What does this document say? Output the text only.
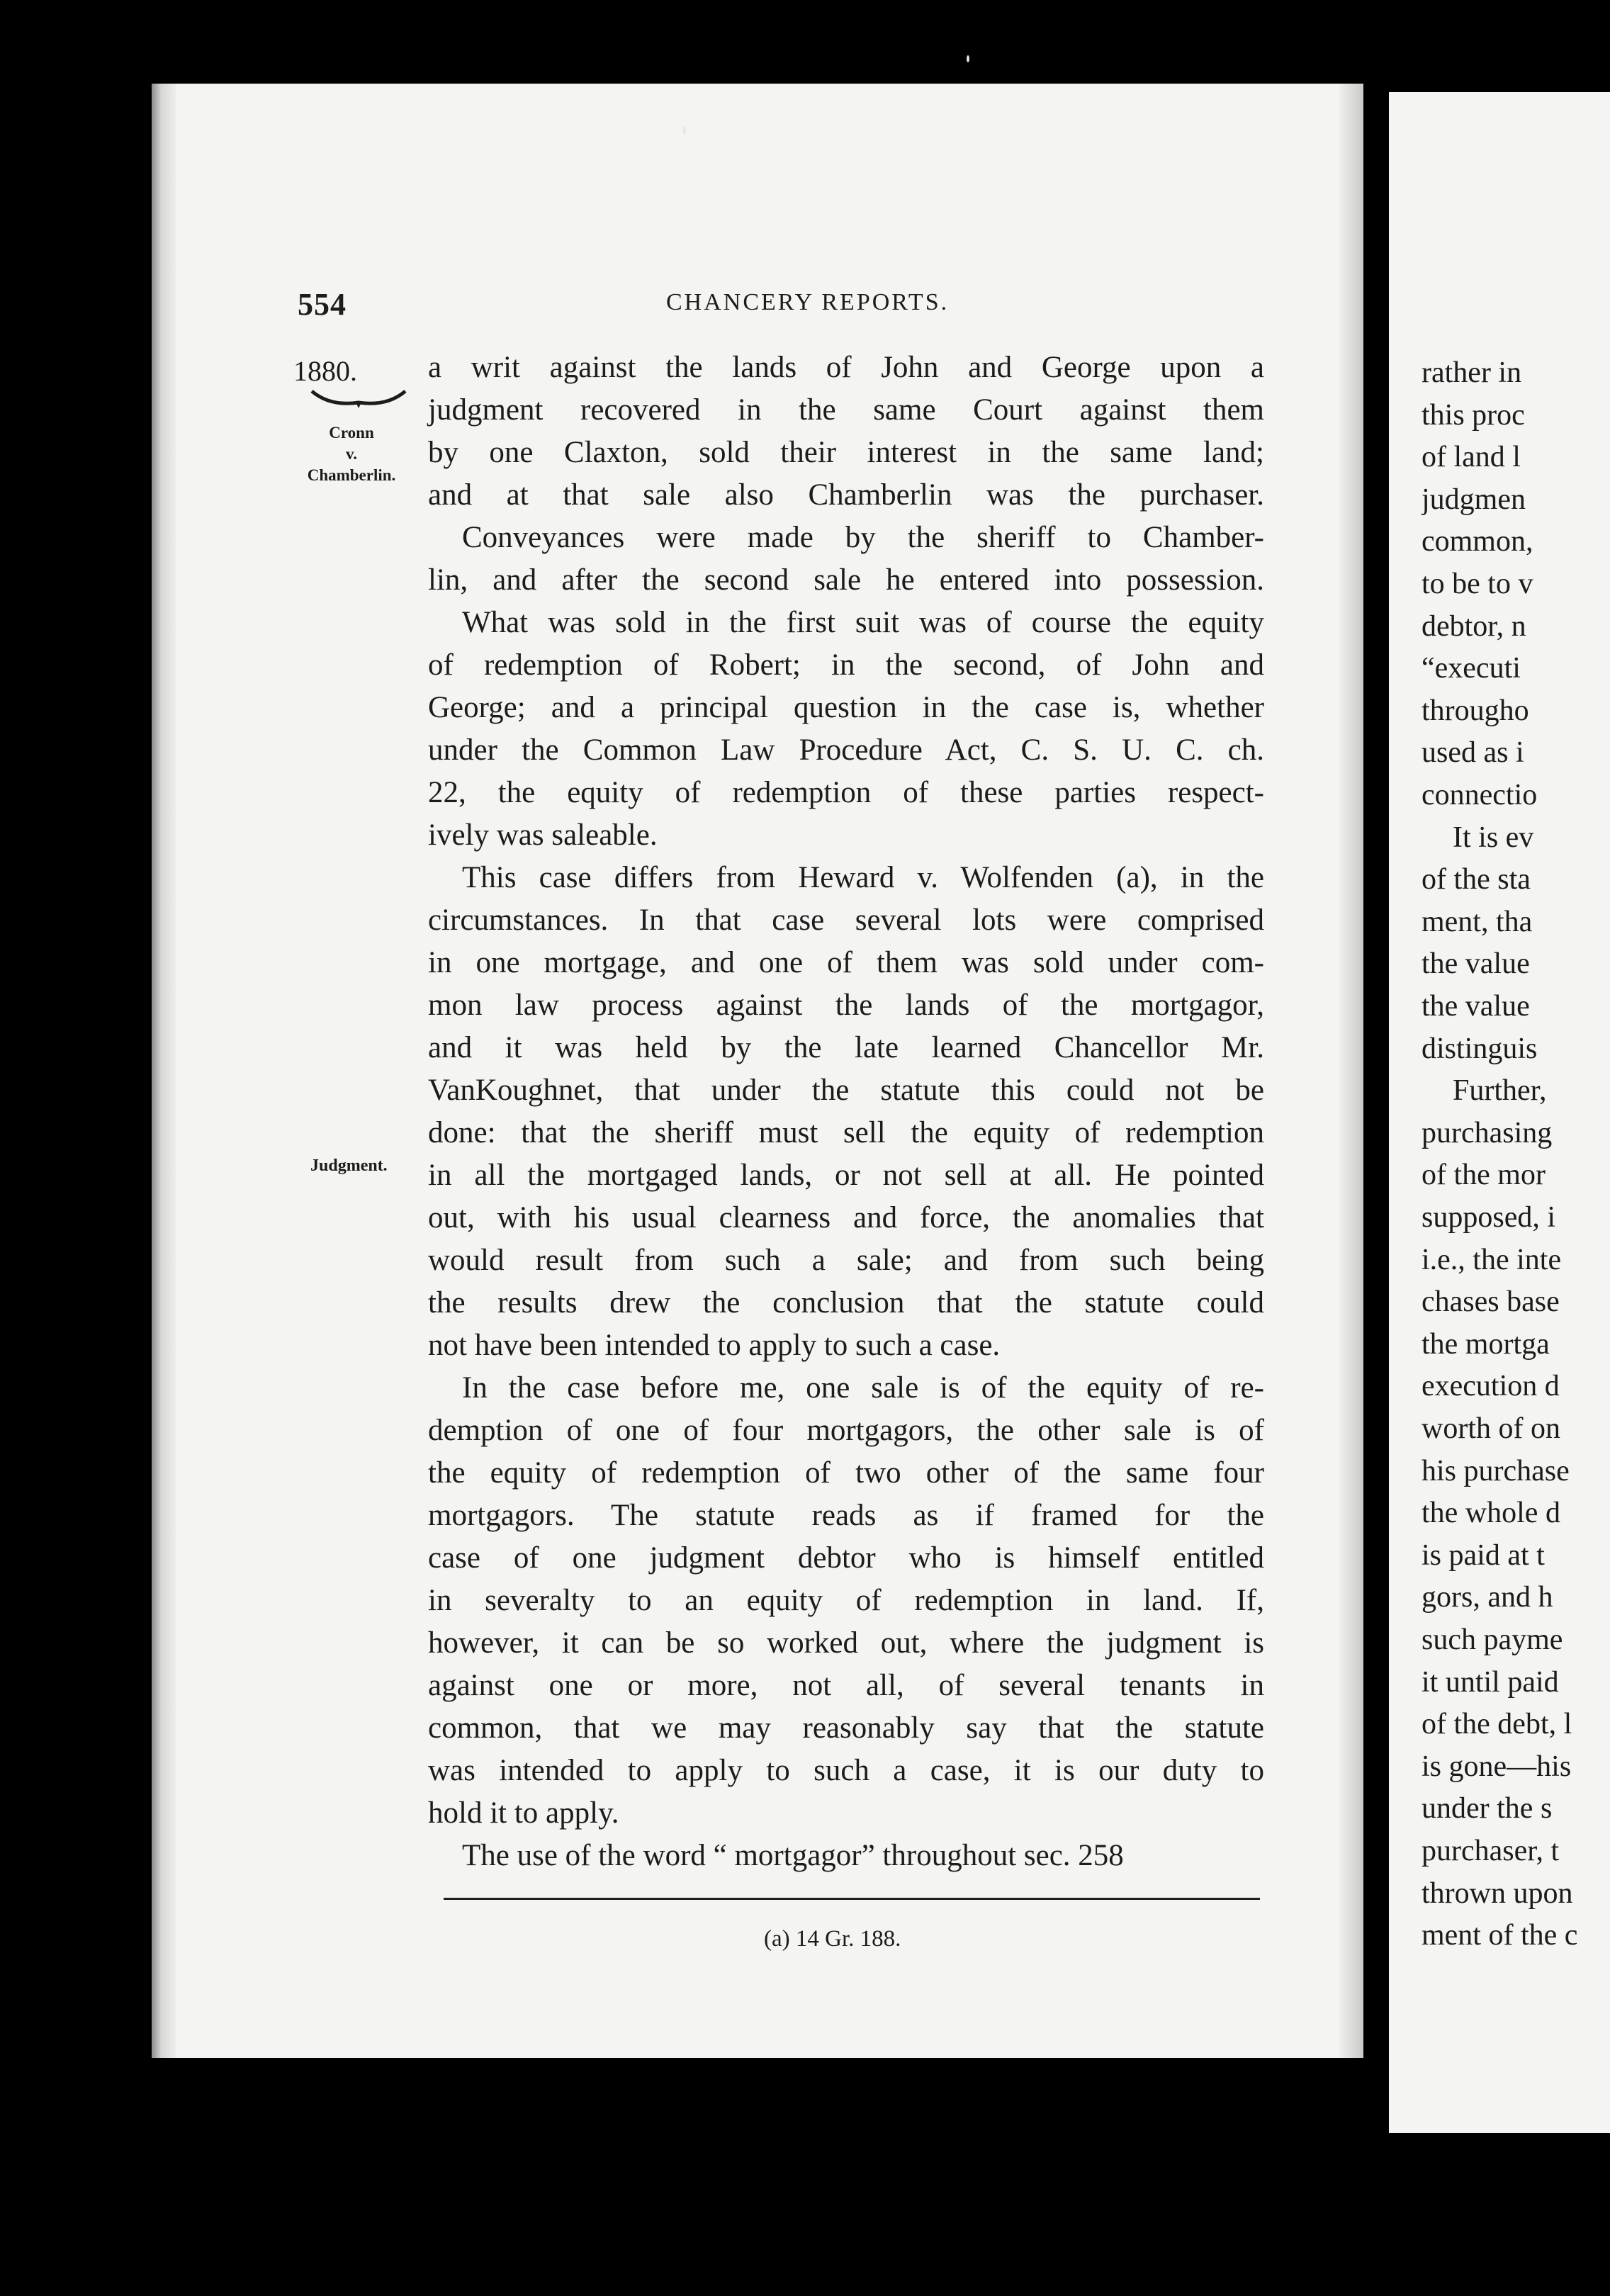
554	CHANCERY REPORTS.
1880.
Cronn
v.
Chamberlin.
Judgment.
a writ against the lands of John and George upon a
judgment recovered in the same Court against them
by one Claxton, sold their interest in the same land;
and at that sale also Chamberlin was the purchaser.
Conveyances were made by the sheriff to Chamber-
lin, and after the second sale he entered into possession.
What was sold in the first suit was of course the equity
of redemption of Robert; in the second, of John and
George; and a principal question in the case is, whether
under the Common Law Procedure Act, C. S. U. C. ch.
22, the equity of redemption of these parties respect-
ively was saleable.
This case differs from Heward v. Wolfenden (a), in the
circumstances. In that case several lots were comprised
in one mortgage, and one of them was sold under com-
mon law process against the lands of the mortgagor,
and it was held by the late learned Chancellor Mr.
VanKoughnet, that under the statute this could not be
done: that the sheriff must sell the equity of redemption
in all the mortgaged lands, or not sell at all. He pointed
out, with his usual clearness and force, the anomalies that
would result from such a sale; and from such being
the results drew the conclusion that the statute could
not have been intended to apply to such a case.
In the case before me, one sale is of the equity of re-
demption of one of four mortgagors, the other sale is of
the equity of redemption of two other of the same four
mortgagors. The statute reads as if framed for the
case of one judgment debtor who is himself entitled
in severalty to an equity of redemption in land. If,
however, it can be so worked out, where the judgment is
against one or more, not all, of several tenants in
common, that we may reasonably say that the statute
was intended to apply to such a case, it is our duty to
hold it to apply.
The use of the word “ mortgagor” throughout sec. 258
(a) 14 Gr. 188.
rather in
this proc
of land l
judgmen
common,
to be to v
debtor, n
“executi
througho
used as i
connectio
It is ev
of the sta
ment, tha
the value
the value
distinguis
Further,
purchasing
of the mor
supposed, i
i.e., the inte
chases base
the mortga
execution d
worth of on
his purchase
the whole d
is paid at t
gors, and h
such payme
it until paid
of the debt, l
is gone—his
under the s
purchaser, t
thrown upon
ment of the c
